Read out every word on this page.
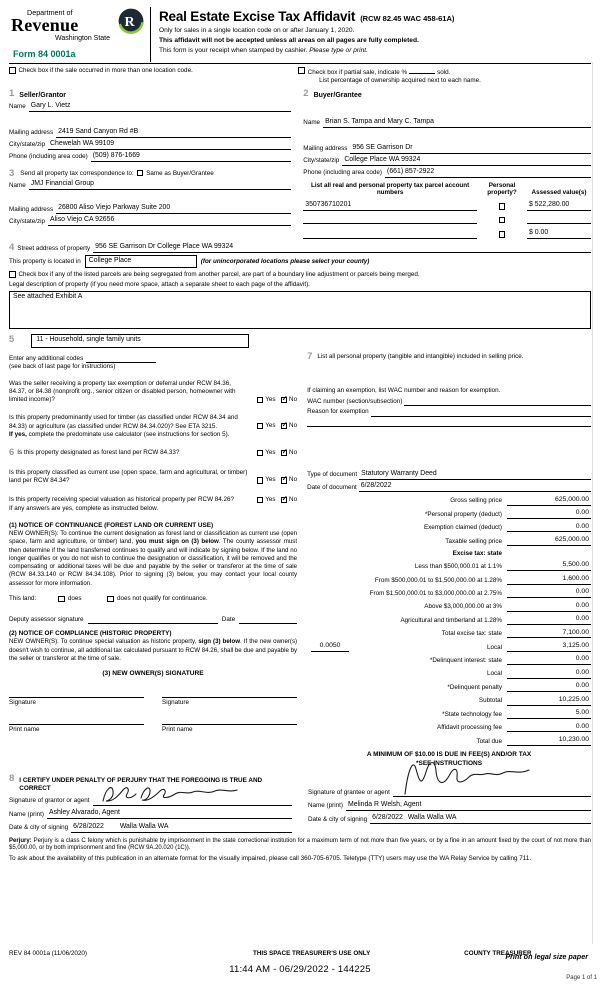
Department of
Revenue
Washington State
R
Form 84 0001a
Real Estate Excise Tax Affidavit (RCW 82.45 WAC 458-61A)
Only for sales in a single location code on or after January 1, 2020.
This affidavit will not be accepted unless all areas on all pages are fully completed.
This form is your receipt when stamped by cashier. Please type or print.
Check box if the sale occurred in more than one location code.	Check box if partial sale, indicate %	sold.
List percentage of ownership acquired next to each name.
1 Seller/Grantor
Name Gary L. Vietz
Mailing address 2419 Sand Canyon Rd #B
City/state/zip Chewelah WA 99109
Phone (including area code) (509) 876-1669
3 Send all property tax correspondence to: Same as Buyer/Grantee
Name JMJ Financial Group
Mailing address 26800 Aliso Viejo Parkway Suite 200
City/state/zip Aliso Viejo CA 92656
2 Buyer/Grantee
Name Brian S. Tampa and Mary C. Tampa
Mailing address 956 SE Garrison Dr
City/state/zip College Place WA 99324
Phone (including area code) (661) 857-2922
List all real and personal property tax parcel account numbers
Personal property?	Assessed value(s)
350736710201	$ 522,280.00
$ 0.00
4 Street address of property 956 SE Garrison Dr College Place WA 99324
This property is located in	College Place	(for unincorporated locations please select your county)
Check box if any of the listed parcels are being segregated from another parcel, are part of a boundary line adjustment or parcels being merged.
Legal description of property (if you need more space, attach a separate sheet to each page of the affidavit).
See attached Exhibit A
5	11 - Household, single family units
Enter any additional codes
(see back of last page for instructions)
Was the seller receiving a property tax exemption or deferral under RCW 84.36, 84.37, or 84.38 (nonprofit org., senior citizen or disabled person, homeowner with limited income)?	Yes ✓ No
Is this property predominantly used for timber (as classified under RCW 84.34 and 84.33) or agriculture (as classified under RCW 84.34.020)? See ETA 3215.	Yes ✓ No
If yes, complete the predominate use calculator (see instructions for section 5).
6 Is this property designated as forest land per RCW 84.33?	Yes ✓ No
Is this property classified as current use (open space, farm and agricultural, or timber) land per RCW 84.34?	Yes ✓ No
Is this property receiving special valuation as historical property per RCW 84.26?	Yes ✓ No
If any answers are yes, complete as instructed below.
(1) NOTICE OF CONTINUANCE (FOREST LAND OR CURRENT USE)
NEW OWNER(S): To continue the current designation as forest land or classification as current use (open space, farm and agriculture, or timber) land, you must sign on (3) below. The county assessor must then determine if the land transferred continues to qualify and will indicate by signing below. If the land no longer qualifies or you do not wish to continue the designation or classification, it will be removed and the compensating or additional taxes will be due and payable by the seller or transferor at the time of sale (RCW 84.33.140 or RCW 84.34.108). Prior to signing (3) below, you may contact your local county assessor for more information.
This land:	does	does not qualify for continuance.
Deputy assessor signature	Date
(2) NOTICE OF COMPLIANCE (HISTORIC PROPERTY)
NEW OWNER(S): To continue special valuation as historic property, sign (3) below. If the new owner(s) doesn't wish to continue, all additional tax calculated pursuant to RCW 84.26, shall be due and payable by the seller or transferor at the time of sale.
(3) NEW OWNER(S) SIGNATURE
Signature
Print name
Signature
Print name
7 List all personal property (tangible and intangible) included in selling price.
If claiming an exemption, list WAC number and reason for exemption.
WAC number (section/subsection)
Reason for exemption
Type of document Statutory Warranty Deed
Date of document 6/28/2022
Gross selling price	625,000.00
*Personal property (deduct)	0.00
Exemption claimed (deduct)	0.00
Taxable selling price	625,000.00
Excise tax: state
Less than $500,000.01 at 1.1%	5,500.00
From $500,000.01 to $1,500,000.00 at 1.28%	1,600.00
From $1,500,000.01 to $3,000,000.00 at 2.75%	0.00
Above $3,000,000.00 at 3%	0.00
Agricultural and timberland at 1.28%	0.00
Total excise tax: state	7,100.00
0.0050	Local	3,125.00
*Delinquent interest: state	0.00
Local	0.00
*Delinquent penalty	0.00
Subtotal	10,225.00
*State technology fee	5.00
Affidavit processing fee	0.00
Total due	10,230.00
A MINIMUM OF $10.00 IS DUE IN FEE(S) AND/OR TAX
*SEE INSTRUCTIONS
8 I CERTIFY UNDER PENALTY OF PERJURY THAT THE FOREGOING IS TRUE AND CORRECT
Signature of grantor or agent
Name (print) Ashley Alvarado, Agent
Date & city of signing 6/28/2022 Walla Walla WA
Signature of grantee or agent
Name (print) Melinda R Welsh, Agent
Date & city of signing 6/28/2022 Walla Walla WA
Perjury: Perjury is a class C felony which is punishable by imprisonment in the state correctional institution for a maximum term of not more than five years, or by a fine in an amount fixed by the court of not more than $5,000.00, or by both imprisonment and fine (RCW 9A.20.020 (1C)).
To ask about the availability of this publication in an alternate format for the visually impaired, please call 360-705-6705. Teletype (TTY) users may use the WA Relay Service by calling 711.
REV 84 0001a (11/06/2020)	THIS SPACE TREASURER'S USE ONLY	COUNTY TREASURER
11:44 AM - 06/29/2022 - 144225
Print on legal size paper
Page 1 of 1
